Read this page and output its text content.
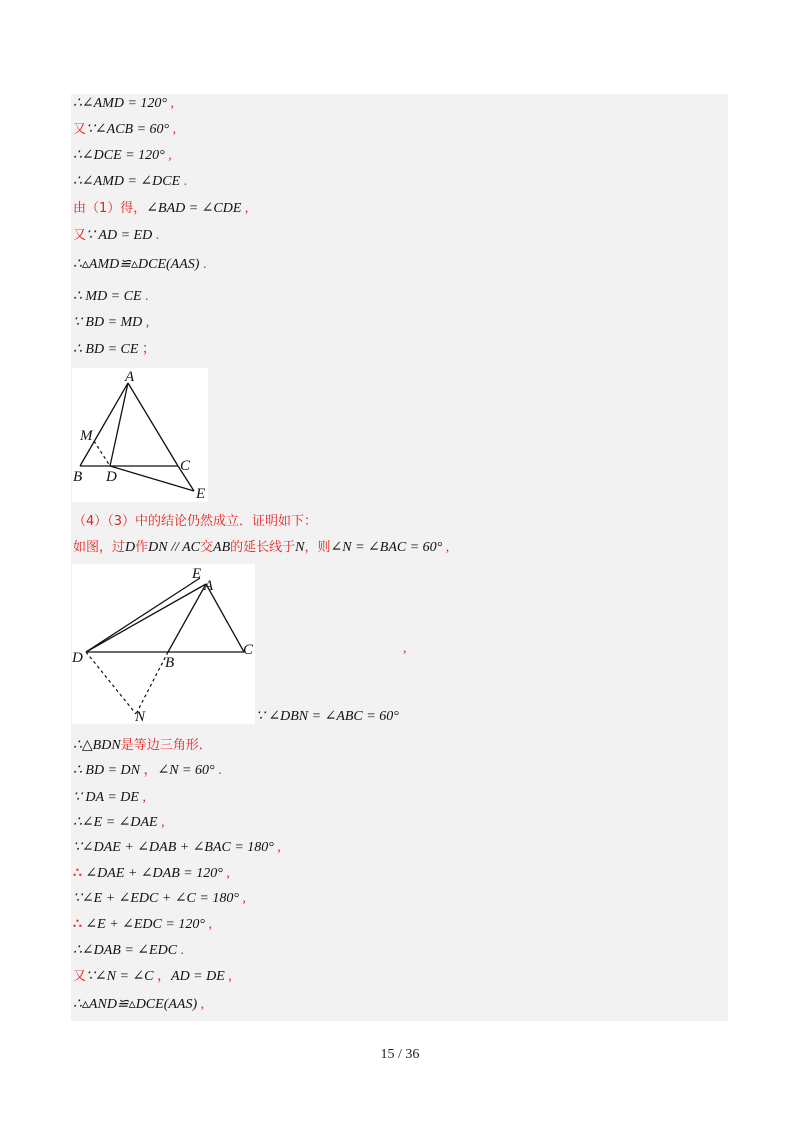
∴∠AMD = 120° ,
又∵∠ACB = 60° ,
∴∠DCE = 120° ,
∴∠AMD = ∠DCE .
由（1）得，∠BAD = ∠CDE ,
又∵ AD = ED .
∴▵AMD≌▵DCE(AAS) .
∴ MD = CE .
∵ BD = MD ,
∴ BD = CE ；
A
M
B D
C
E
（4）（3）中的结论仍然成立．证明如下：
如图，过D作DN // AC交AB的延长线于N，则∠N = ∠BAC = 60° ,
E
A
D	B
C
N
,
∵ ∠DBN = ∠ABC = 60°
∴△BDN是等边三角形．
∴ BD = DN ，∠N = 60° .
∵ DA = DE ,
∴∠E = ∠DAE ,
∵∠DAE + ∠DAB + ∠BAC = 180° ,
∴ ∠DAE + ∠DAB = 120° ,
∵∠E + ∠EDC + ∠C = 180° ,
∴ ∠E + ∠EDC = 120° ,
∴∠DAB = ∠EDC .
又∵∠N = ∠C ，AD = DE ,
∴▵AND≌▵DCE(AAS) ,
15 / 36
